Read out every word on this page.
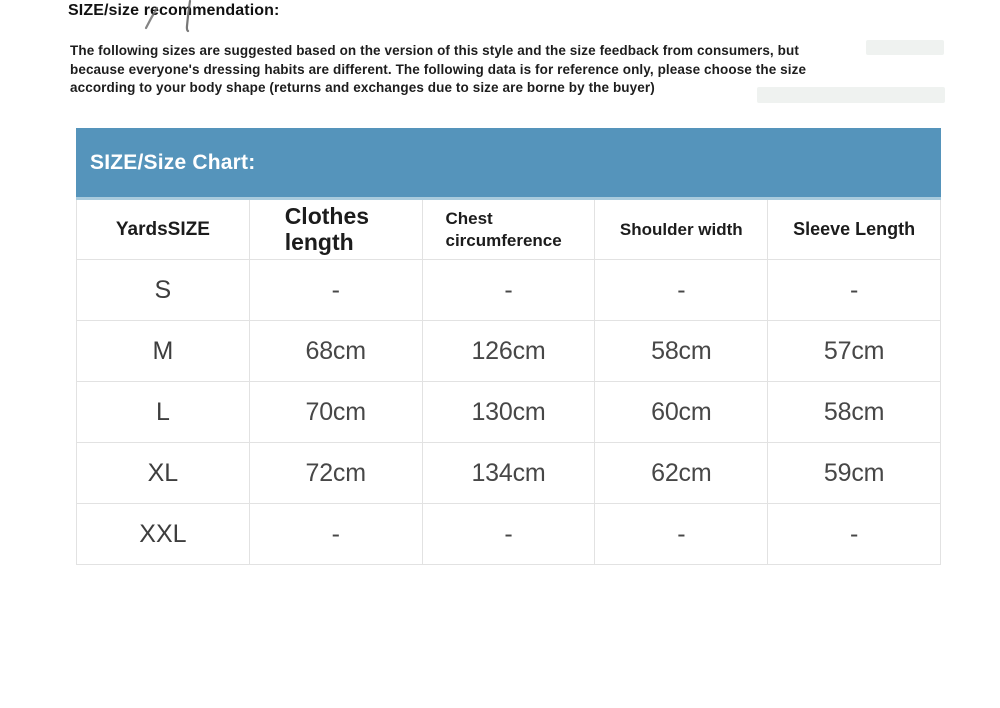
SIZE/size recommendation:
The following sizes are suggested based on the version of this style and the size feedback from consumers, but
because everyone's dressing habits are different. The following data is for reference only, please choose the size
according to your body shape (returns and exchanges due to size are borne by the buyer)
SIZE/Size Chart:
YardsSIZE	Clothes length	Chest circumference	Shoulder width	Sleeve Length
S	-	-	-	-
M	68cm	126cm	58cm	57cm
L	70cm	130cm	60cm	58cm
XL	72cm	134cm	62cm	59cm
XXL	-	-	-	-
